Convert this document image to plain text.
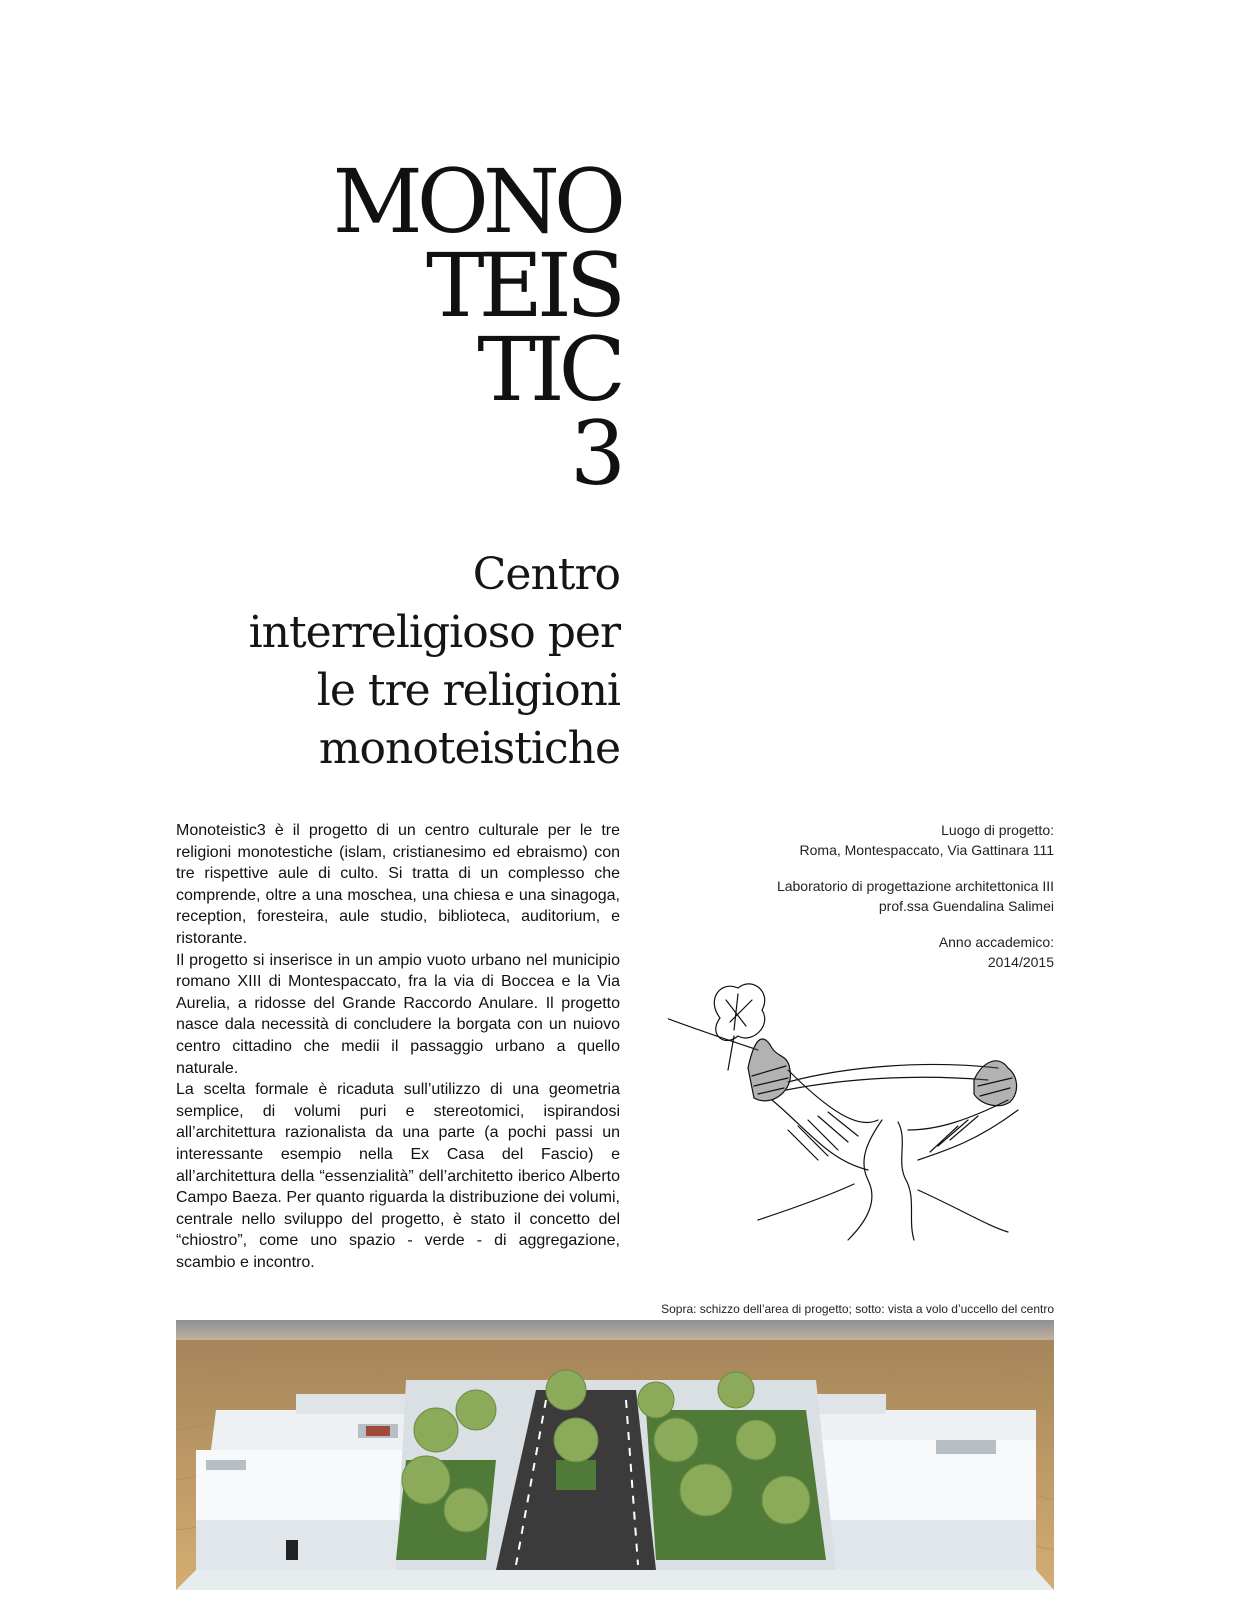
MONO
TEIS
TIC
3
Centro
interreligioso per
le tre religioni
monoteistiche

Monoteistic3 è il progetto di un centro culturale per le tre religioni monotestiche (islam, cristianesimo ed ebraismo) con tre rispettive aule di culto. Si tratta di un complesso che comprende, oltre a una moschea, una chiesa e una sinagoga, reception, foresteira, aule studio, biblioteca, auditorium, e ristorante.

Il progetto si inserisce in un ampio vuoto urbano nel municipio romano XIII di Montespaccato, fra la via di Boccea e la Via Aurelia, a ridosse del Grande Raccordo Anulare. Il progetto nasce dala necessità di concludere la borgata con un nuiovo centro cittadino che medii il passaggio urbano a quello naturale.

La scelta formale è ricaduta sull’utilizzo di una geometria semplice, di volumi puri e stereotomici, ispirandosi all’architettura razionalista da una parte (a pochi passi un interessante esempio nella Ex Casa del Fascio) e all’architettura della “essenzialità” dell’architetto iberico Alberto Campo Baeza. Per quanto riguarda la distribuzione dei volumi, centrale nello sviluppo del progetto, è stato il concetto del “chiostro”, come uno spazio - verde - di aggregazione, scambio e incontro.

Luogo di progetto:
Roma, Montespaccato, Via Gattinara 111
Laboratorio di progettazione architettonica III
prof.ssa Guendalina Salimei
Anno accademico:
2014/2015
Sopra: schizzo dell’area di progetto; sotto: vista a volo d’uccello del centro
